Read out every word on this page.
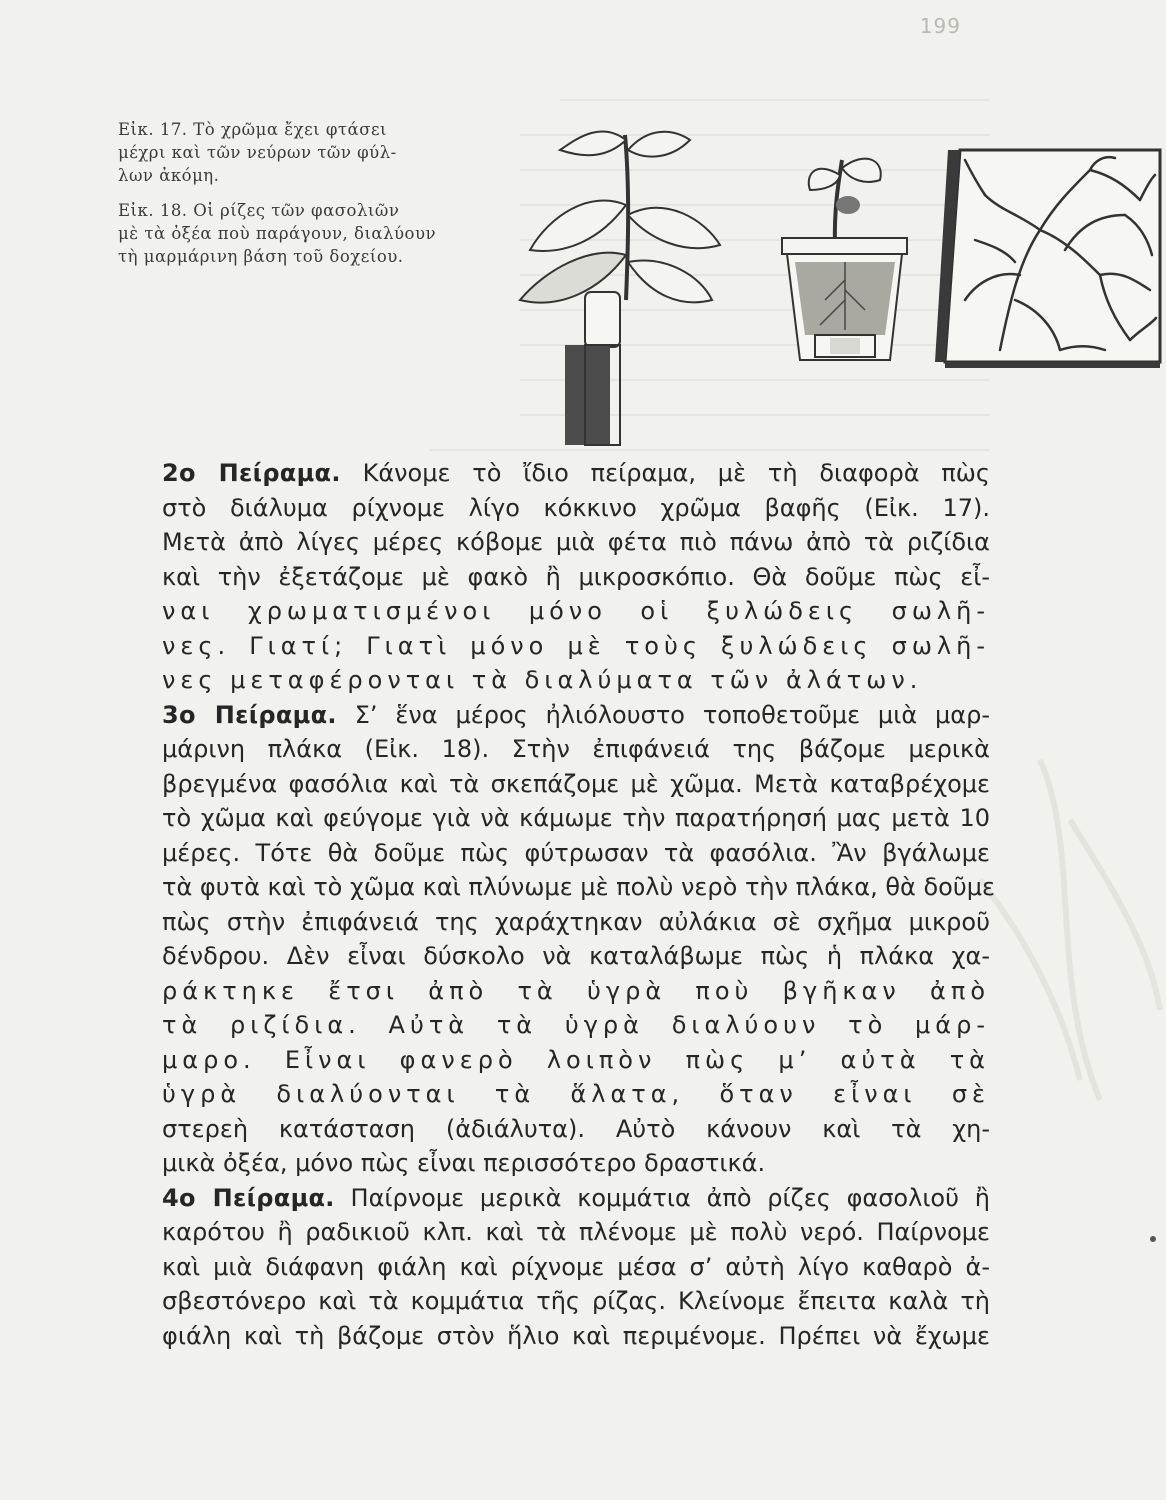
199

Εἰκ. 17. Τὸ χρῶμα ἔχει φτάσει
μέχρι καὶ τῶν νεύρων τῶν φύλ-
λων ἀκόμη.

Εἰκ. 18. Οἱ ρίζες τῶν φασολιῶν
μὲ τὰ ὀξέα ποὺ παράγουν, διαλύουν
τὴ μαρμάρινη βάση τοῦ δοχείου.

2ο Πείραμα. Κάνομε τὸ ἴδιο πείραμα, μὲ τὴ διαφορὰ πὼς
στὸ διάλυμα ρίχνομε λίγο κόκκινο χρῶμα βαφῆς (Εἰκ. 17).
Μετὰ ἀπὸ λίγες μέρες κόβομε μιὰ φέτα πιὸ πάνω ἀπὸ τὰ ριζίδια
καὶ τὴν ἐξετάζομε μὲ φακὸ ἢ μικροσκόπιο. Θὰ δοῦμε πὼς εἶ-
ναι χρωματισμένοι μόνο οἱ ξυλώδεις σωλῆ-
νες. Γιατί; Γιατὶ μόνο μὲ τοὺς ξυλώδεις σωλῆ-
νες μεταφέρονται τὰ διαλύματα τῶν ἀλάτων.

3ο Πείραμα. Σ’ ἕνα μέρος ἠλιόλουστο τοποθετοῦμε μιὰ μαρ-
μάρινη πλάκα (Εἰκ. 18). Στὴν ἐπιφάνειά της βάζομε μερικὰ
βρεγμένα φασόλια καὶ τὰ σκεπάζομε μὲ χῶμα. Μετὰ καταβρέχομε
τὸ χῶμα καὶ φεύγομε γιὰ νὰ κάμωμε τὴν παρατήρησή μας μετὰ 10
μέρες. Τότε θὰ δοῦμε πὼς φύτρωσαν τὰ φασόλια. Ἂν βγάλωμε
τὰ φυτὰ καὶ τὸ χῶμα καὶ πλύνωμε μὲ πολὺ νερὸ τὴν πλάκα, θὰ δοῦμε
πὼς στὴν ἐπιφάνειά της χαράχτηκαν αὐλάκια σὲ σχῆμα μικροῦ
δένδρου. Δὲν εἶναι δύσκολο νὰ καταλάβωμε πὼς ἡ πλάκα χα-
ράκτηκε ἔτσι ἀπὸ τὰ ὑγρὰ ποὺ βγῆκαν ἀπὸ
τὰ ριζίδια. Αὐτὰ τὰ ὑγρὰ διαλύουν τὸ μάρ-
μαρο. Εἶναι φανερὸ λοιπὸν πὼς μ’ αὐτὰ τὰ
ὑγρὰ διαλύονται τὰ ἅλατα, ὅταν εἶναι σὲ
στερεὴ κατάσταση (ἀδιάλυτα). Αὐτὸ κάνουν καὶ τὰ χη-
μικὰ ὀξέα, μόνο πὼς εἶναι περισσότερο δραστικά.

4ο Πείραμα. Παίρνομε μερικὰ κομμάτια ἀπὸ ρίζες φασολιοῦ ἢ
καρότου ἢ ραδικιοῦ κλπ. καὶ τὰ πλένομε μὲ πολὺ νερό. Παίρνομε
καὶ μιὰ διάφανη φιάλη καὶ ρίχνομε μέσα σ’ αὐτὴ λίγο καθαρὸ ἀ-
σβεστόνερο καὶ τὰ κομμάτια τῆς ρίζας. Κλείνομε ἔπειτα καλὰ τὴ
φιάλη καὶ τὴ βάζομε στὸν ἥλιο καὶ περιμένομε. Πρέπει νὰ ἔχωμε
